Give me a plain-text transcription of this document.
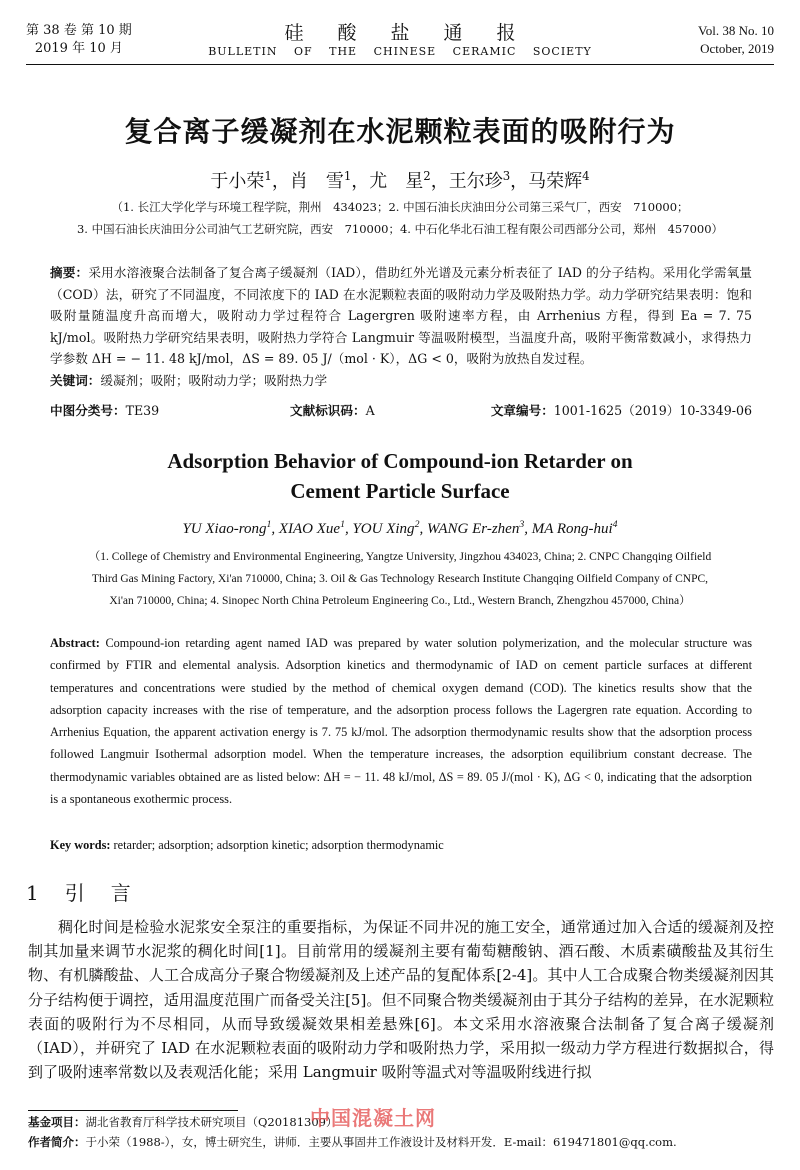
第 38 卷 第 10 期
2019 年 10 月
硅酸盐通报
BULLETIN OF THE CHINESE CERAMIC SOCIETY
Vol. 38 No. 10
October, 2019
复合离子缓凝剂在水泥颗粒表面的吸附行为
于小荣$^1$，肖　雪$^1$，尤　星$^2$，王尔珍$^3$，马荣辉$^4$
（1. 长江大学化学与环境工程学院，荆州　434023；2. 中国石油长庆油田分公司第三采气厂，西安　710000；
3. 中国石油长庆油田分公司油气工艺研究院，西安　710000；4. 中石化华北石油工程有限公司西部分公司，郑州　457000）
摘要：采用水溶液聚合法制备了复合离子缓凝剂（IAD），借助红外光谱及元素分析表征了 IAD 的分子结构。采用化学需氧量（COD）法，研究了不同温度，不同浓度下的 IAD 在水泥颗粒表面的吸附动力学及吸附热力学。动力学研究结果表明：饱和吸附量随温度升高而增大，吸附动力学过程符合 Lagergren 吸附速率方程，由 Arrhenius 方程，得到 Ea = 7. 75 kJ/mol。吸附热力学研究结果表明，吸附热力学符合 Langmuir 等温吸附模型，当温度升高，吸附平衡常数减小，求得热力学参数 ΔH = − 11. 48 kJ/mol，ΔS = 89. 05 J/（mol · K），ΔG < 0，吸附为放热自发过程。
关键词：缓凝剂；吸附；吸附动力学；吸附热力学
中图分类号：TE39	文献标识码：A	文章编号：1001-1625（2019）10-3349-06
Adsorption Behavior of Compound-ion Retarder on
Cement Particle Surface
YU Xiao-rong$^1$, XIAO Xue$^1$, YOU Xing$^2$, WANG Er-zhen$^3$, MA Rong-hui$^4$
（1. College of Chemistry and Environmental Engineering, Yangtze University, Jingzhou 434023, China; 2. CNPC Changqing Oilfield
Third Gas Mining Factory, Xi'an 710000, China; 3. Oil & Gas Technology Research Institute Changqing Oilfield Company of CNPC,
Xi'an 710000, China; 4. Sinopec North China Petroleum Engineering Co., Ltd., Western Branch, Zhengzhou 457000, China）
Abstract: Compound-ion retarding agent named IAD was prepared by water solution polymerization, and the molecular structure was confirmed by FTIR and elemental analysis. Adsorption kinetics and thermodynamic of IAD on cement particle surfaces at different temperatures and concentrations were studied by the method of chemical oxygen demand (COD). The kinetics results show that the adsorption capacity increases with the rise of temperature, and the adsorption process follows the Lagergren rate equation. According to Arrhenius Equation, the apparent activation energy is 7. 75 kJ/mol. The adsorption thermodynamic results show that the adsorption process followed Langmuir Isothermal adsorption model. When the temperature increases, the adsorption equilibrium constant decrease. The thermodynamic variables obtained are as listed below: ΔH = − 11. 48 kJ/mol, ΔS = 89. 05 J/(mol · K), ΔG < 0, indicating that the adsorption is a spontaneous exothermic process.
Key words: retarder; adsorption; adsorption kinetic; adsorption thermodynamic
1 引言
稠化时间是检验水泥浆安全泵注的重要指标，为保证不同井况的施工安全，通常通过加入合适的缓凝剂及控制其加量来调节水泥浆的稠化时间[1]。目前常用的缓凝剂主要有葡萄糖酸钠、酒石酸、木质素磺酸盐及其衍生物、有机膦酸盐、人工合成高分子聚合物缓凝剂及上述产品的复配体系[2-4]。其中人工合成聚合物类缓凝剂因其分子结构便于调控，适用温度范围广而备受关注[5]。但不同聚合物类缓凝剂由于其分子结构的差异，在水泥颗粒表面的吸附行为不尽相同，从而导致缓凝效果相差悬殊[6]。本文采用水溶液聚合法制备了复合离子缓凝剂（IAD），并研究了 IAD 在水泥颗粒表面的吸附动力学和吸附热力学，采用拟一级动力学方程进行数据拟合，得到了吸附速率常数以及表观活化能；采用 Langmuir 吸附等温式对等温吸附线进行拟
基金项目：湖北省教育厅科学技术研究项目（Q20181309）
作者简介：于小荣（1988-），女，博士研究生，讲师．主要从事固井工作液设计及材料开发．E-mail：619471801@qq.com.
中国混凝土网
